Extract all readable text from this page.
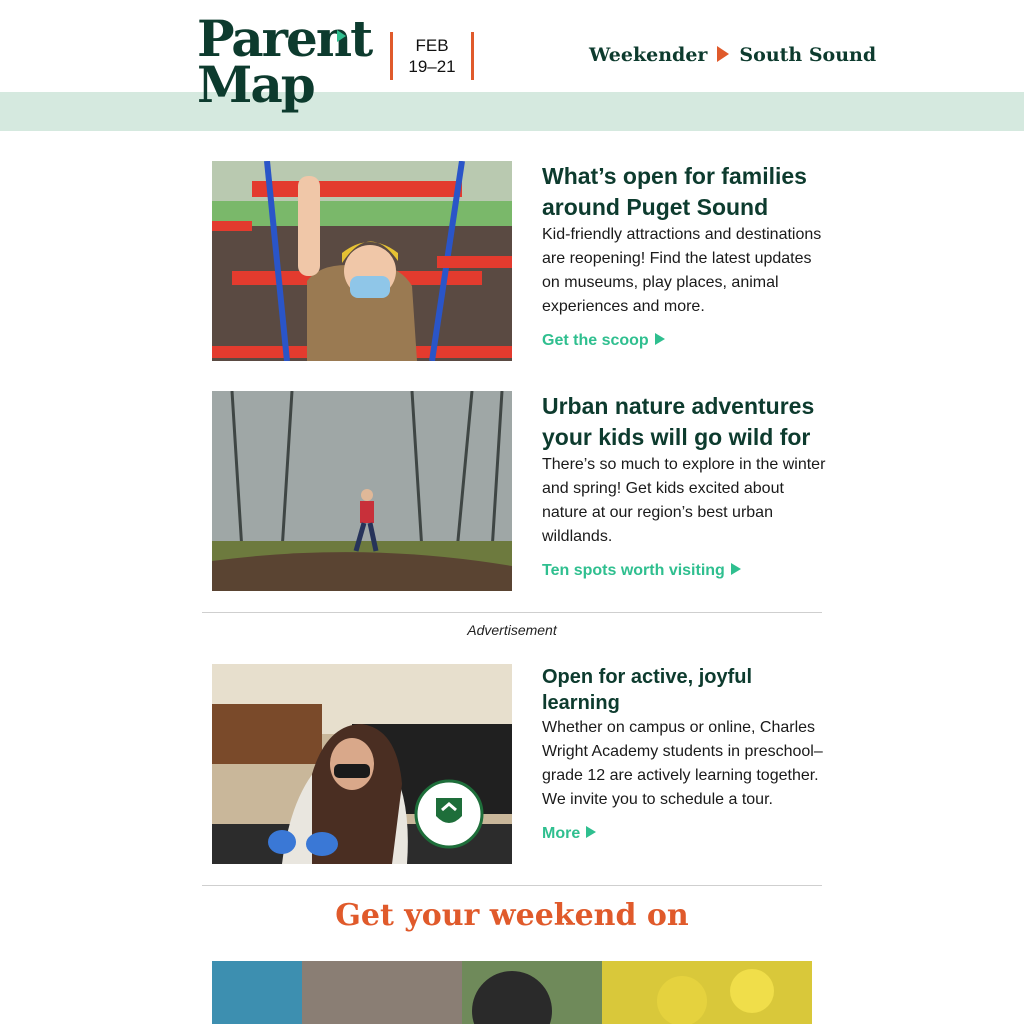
Parent
Map
FEB
19–21
Weekender South Sound
What’s open for families around Puget Sound

Kid-friendly attractions and destinations are reopening! Find the latest updates on museums, play places, animal experiences and more.

Get the scoop
Urban nature adventures your kids will go wild for

There’s so much to explore in the winter and spring! Get kids excited about nature at our region’s best urban wildlands.

Ten spots worth visiting
Advertisement
Open for active, joyful learning

Whether on campus or online, Charles Wright Academy students in preschool–grade 12 are actively learning together. We invite you to schedule a tour.

More
Get your weekend on
